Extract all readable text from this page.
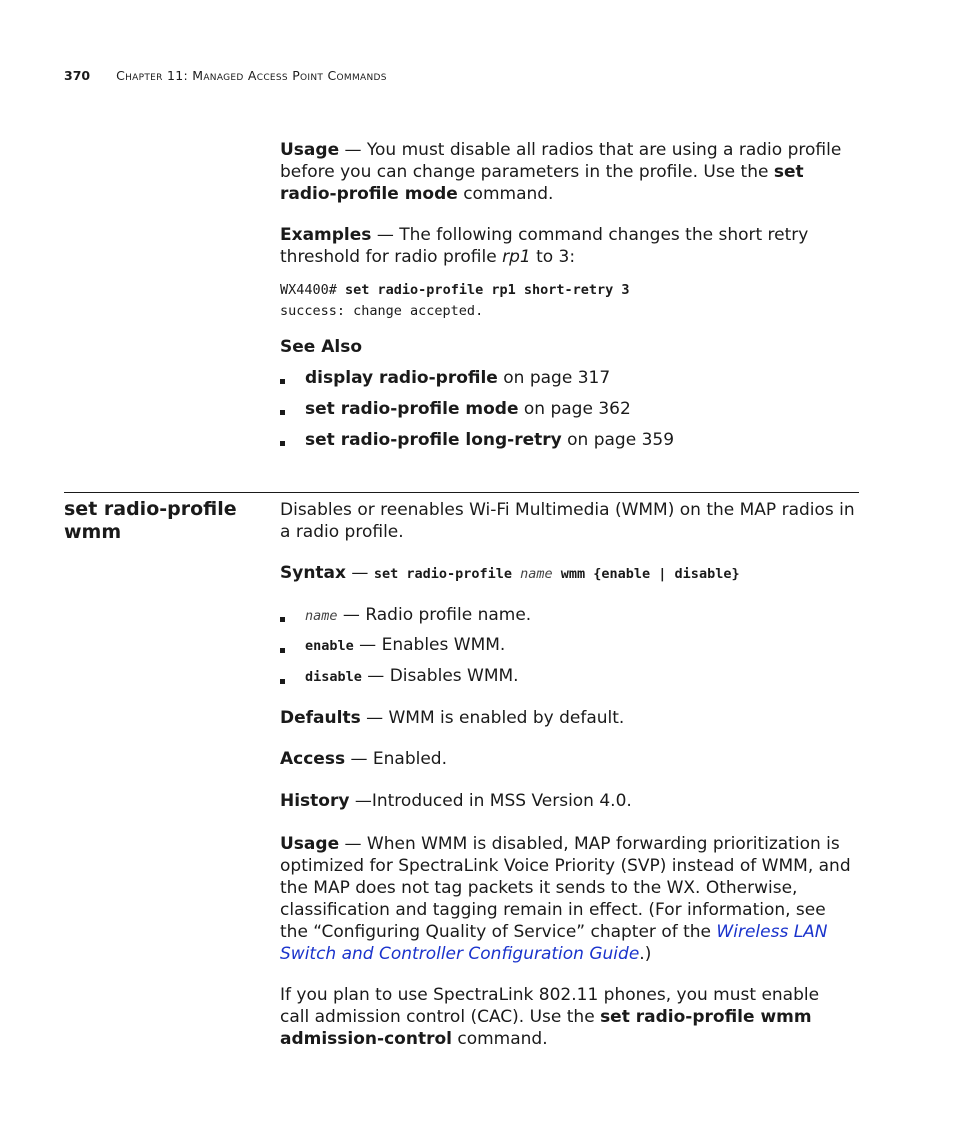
370 Chapter 11: Managed Access Point Commands

Usage — You must disable all radios that are using a radio profile before you can change parameters in the profile. Use the set radio-profile mode command.

Examples — The following command changes the short retry threshold for radio profile rp1 to 3:

WX4400# set radio-profile rp1 short-retry 3
success: change accepted.
See Also
display radio-profile on page 317
set radio-profile mode on page 362
set radio-profile long-retry on page 359
set radio-profile
wmm

Disables or reenables Wi-Fi Multimedia (WMM) on the MAP radios in a radio profile.

Syntax — set radio-profile name wmm {enable | disable}
name — Radio profile name.
enable — Enables WMM.
disable — Disables WMM.
Defaults — WMM is enabled by default.
Access — Enabled.
History —Introduced in MSS Version 4.0.

Usage — When WMM is disabled, MAP forwarding prioritization is optimized for SpectraLink Voice Priority (SVP) instead of WMM, and the MAP does not tag packets it sends to the WX. Otherwise, classification and tagging remain in effect. (For information, see the “Configuring Quality of Service” chapter of the Wireless LAN Switch and Controller Configuration Guide.)

If you plan to use SpectraLink 802.11 phones, you must enable call admission control (CAC). Use the set radio-profile wmm admission-control command.
